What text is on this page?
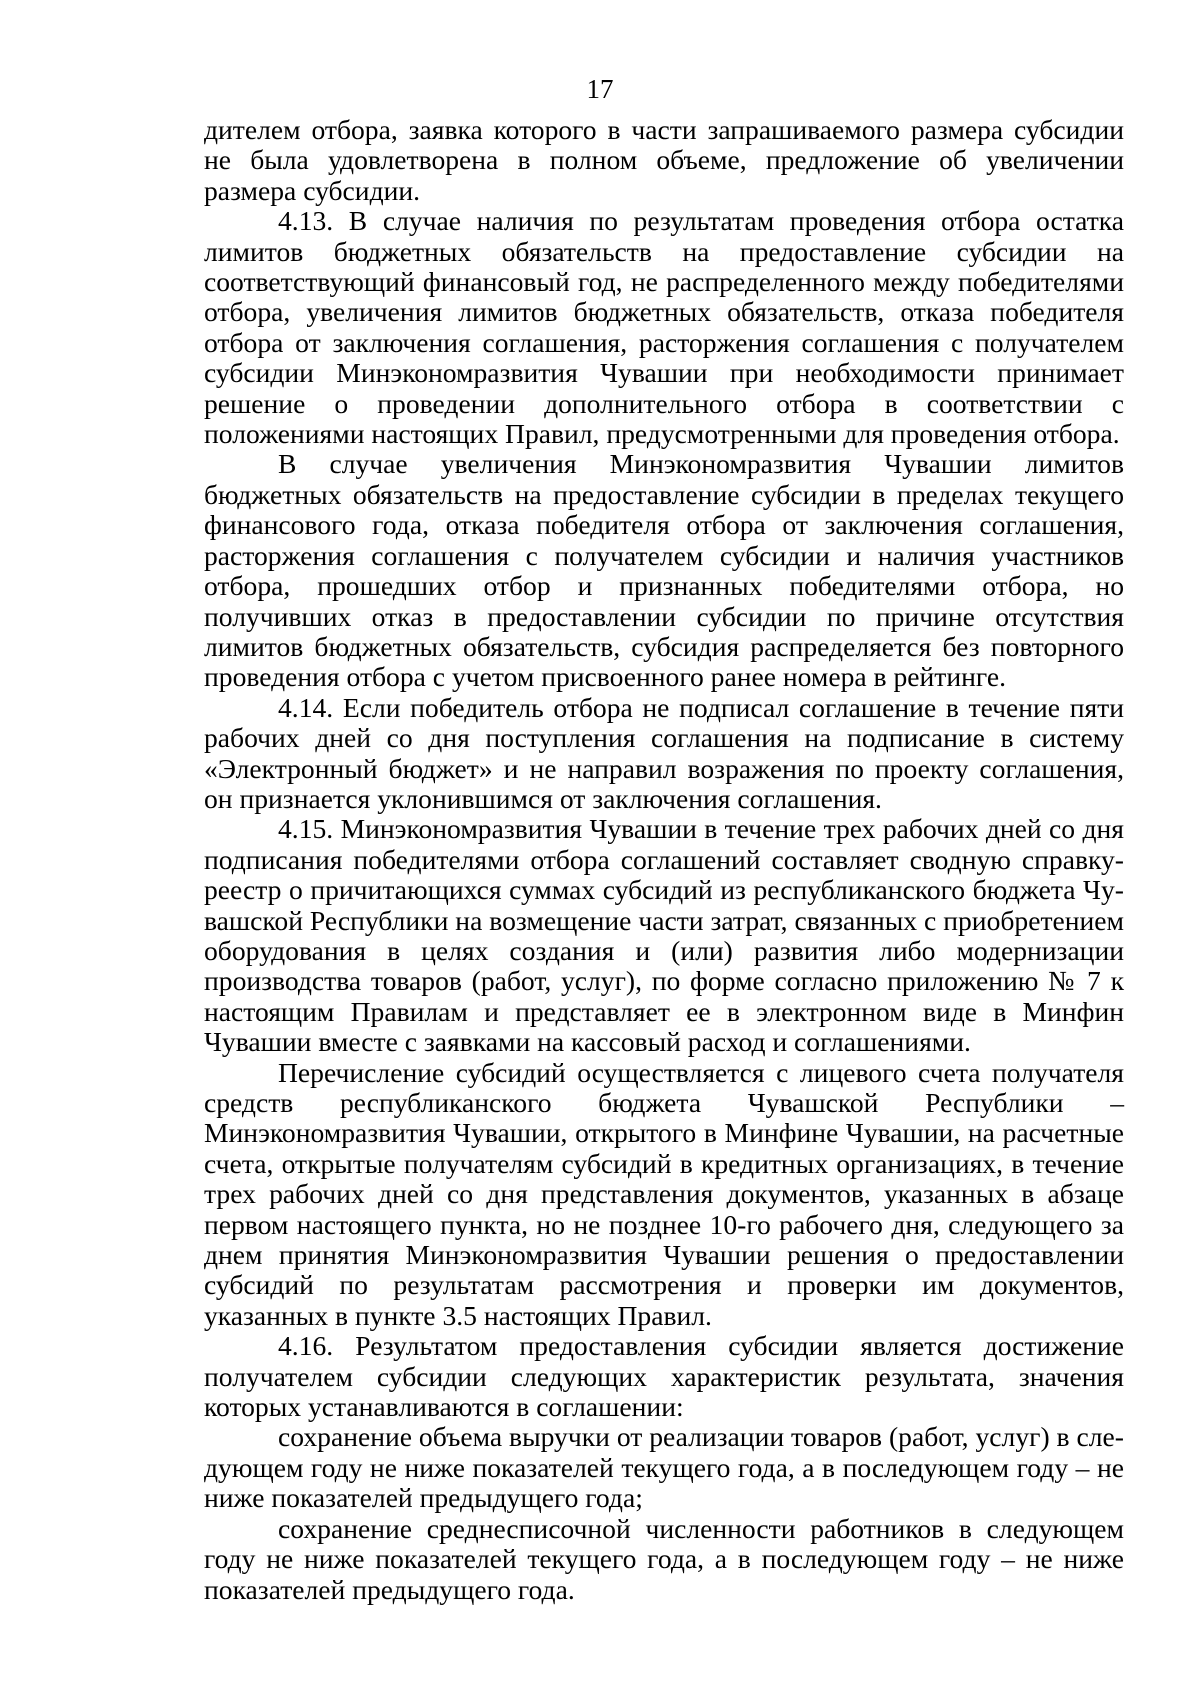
17

дителем отбора, заявка которого в части запрашиваемого размера субсидии не была удовлетворена в полном объеме, предложение об увеличении размера субсидии.

4.13. В случае наличия по результатам проведения отбора остатка лимитов бюджетных обязательств на предоставление субсидии на соответствующий финансовый год, не распределенного между победителями отбора, увеличения лимитов бюджетных обязательств, отказа победителя отбора от заключения соглашения, расторжения соглашения с получателем субсидии Минэкономразвития Чувашии при необходимости принимает решение о проведении дополнительного отбора в соответствии с положениями настоящих Правил, предусмотренными для проведения отбора.

В случае увеличения Минэкономразвития Чувашии лимитов бюджетных обязательств на предоставление субсидии в пределах текущего финансового года, отказа победителя отбора от заключения соглашения, расторжения соглашения с получателем субсидии и наличия участников отбора, прошедших отбор и признанных победителями отбора, но получивших отказ в предоставлении субсидии по причине отсутствия лимитов бюджетных обязательств, субсидия распределяется без повторного проведения отбора с учетом присвоенного ранее номера в рейтинге.

4.14. Если победитель отбора не подписал соглашение в течение пяти рабочих дней со дня поступления соглашения на подписание в систему «Электронный бюджет» и не направил возражения по проекту соглашения, он признается уклонившимся от заключения соглашения.

4.15. Минэкономразвития Чувашии в течение трех рабочих дней со дня подписания победителями отбора соглашений составляет сводную справку-реестр о причитающихся суммах субсидий из республиканского бюджета Чувашской Республики на возмещение части затрат, связанных с приобретением оборудования в целях создания и (или) развития либо модернизации производства товаров (работ, услуг), по форме согласно приложению № 7 к настоящим Правилам и представляет ее в электронном виде в Минфин Чувашии вместе с заявками на кассовый расход и соглашениями.

Перечисление субсидий осуществляется с лицевого счета получателя средств республиканского бюджета Чувашской Республики – Минэкономразвития Чувашии, открытого в Минфине Чувашии, на расчетные счета, открытые получателям субсидий в кредитных организациях, в течение трех рабочих дней со дня представления документов, указанных в абзаце первом настоящего пункта, но не позднее 10-го рабочего дня, следующего за днем принятия Минэкономразвития Чувашии решения о предоставлении субсидий по результатам рассмотрения и проверки им документов, указанных в пункте 3.5 настоящих Правил.

4.16. Результатом предоставления субсидии является достижение получателем субсидии следующих характеристик результата, значения которых устанавливаются в соглашении:

сохранение объема выручки от реализации товаров (работ, услуг) в следующем году не ниже показателей текущего года, а в последующем году – не ниже показателей предыдущего года;

сохранение среднесписочной численности работников в следующем году не ниже показателей текущего года, а в последующем году – не ниже показателей предыдущего года.
